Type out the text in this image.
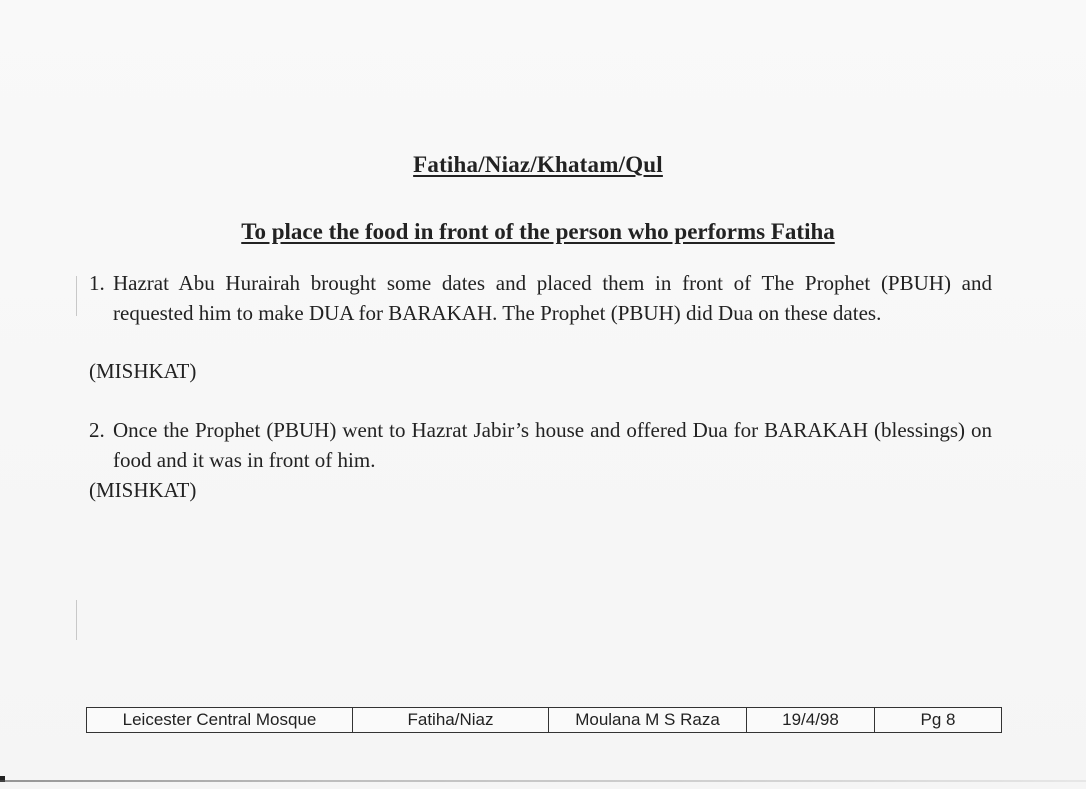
Fatiha/Niaz/Khatam/Qul
To place the food in front of the person who performs Fatiha
1. Hazrat Abu Hurairah brought some dates and placed them in front of The Prophet (PBUH) and requested him to make DUA for BARAKAH. The Prophet (PBUH) did Dua on these dates.
(MISHKAT)
2. Once the Prophet (PBUH) went to Hazrat Jabir’s house and offered Dua for BARAKAH (blessings) on food and it was in front of him.
(MISHKAT)
Leicester Central Mosque	Fatiha/Niaz	Moulana M S Raza	19/4/98	Pg 8
